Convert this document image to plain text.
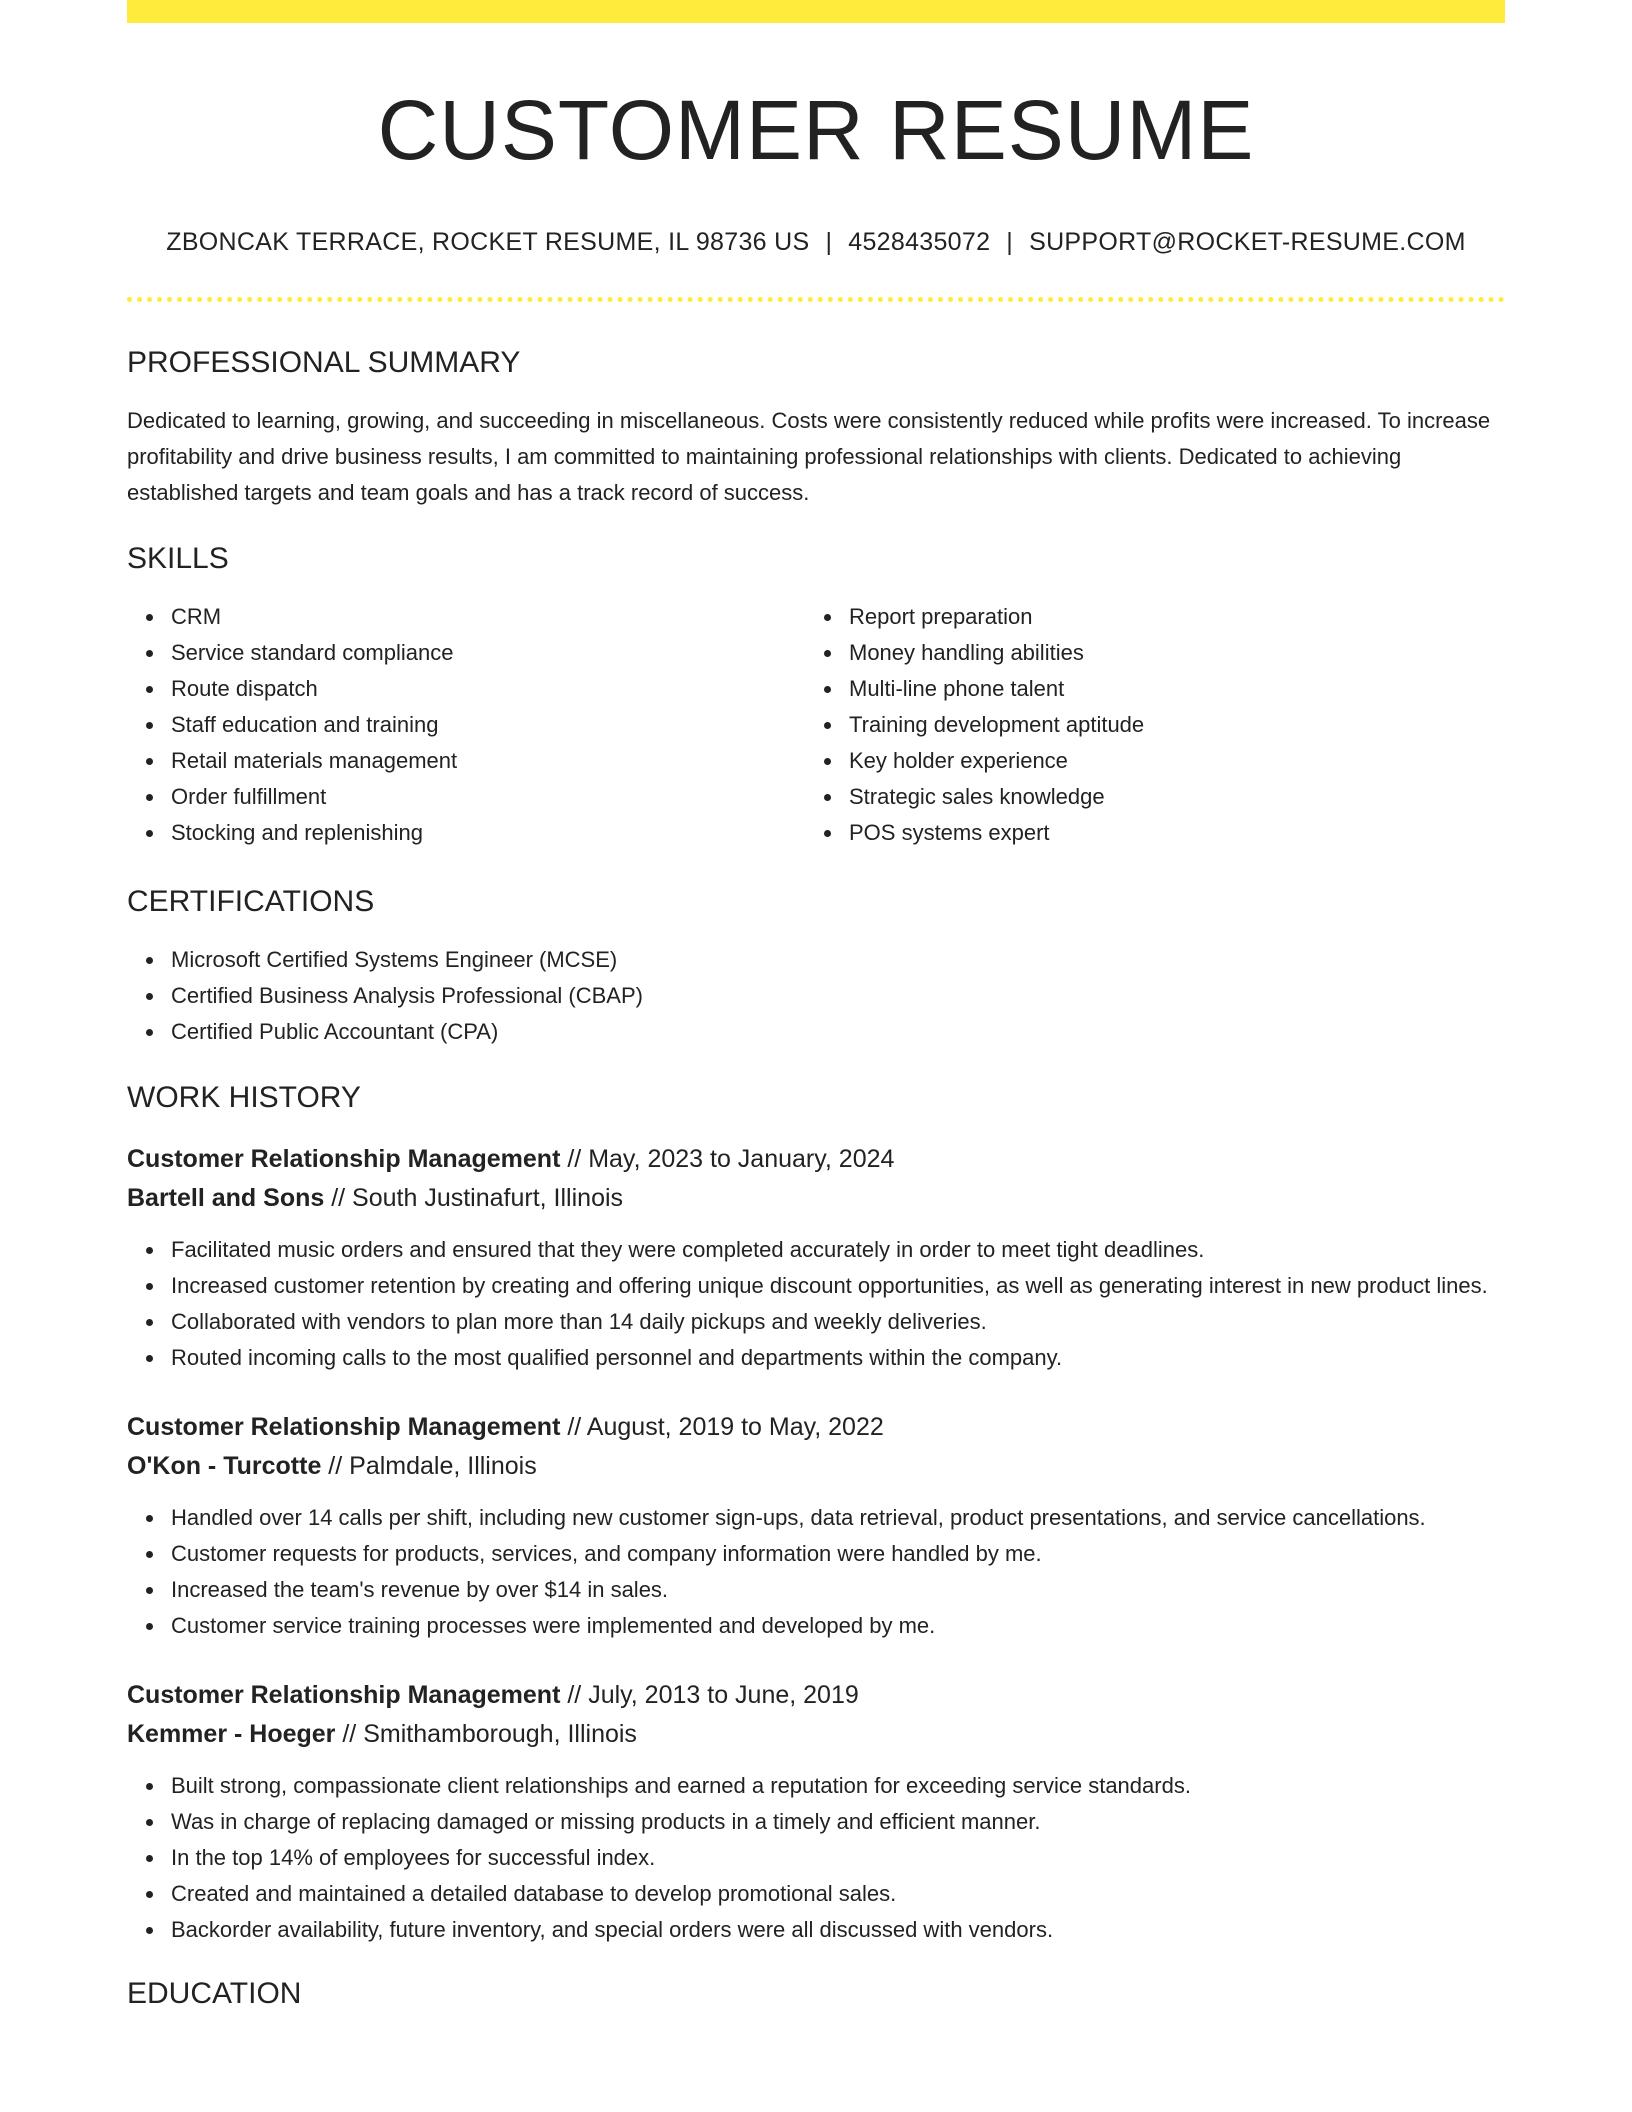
CUSTOMER RESUME
ZBONCAK TERRACE, ROCKET RESUME, IL 98736 US | 4528435072 | SUPPORT@ROCKET-RESUME.COM
PROFESSIONAL SUMMARY

Dedicated to learning, growing, and succeeding in miscellaneous. Costs were consistently reduced while profits were increased. To increase profitability and drive business results, I am committed to maintaining professional relationships with clients. Dedicated to achieving established targets and team goals and has a track record of success.

SKILLS
CRM
Service standard compliance
Route dispatch
Staff education and training
Retail materials management
Order fulfillment
Stocking and replenishing
Report preparation
Money handling abilities
Multi-line phone talent
Training development aptitude
Key holder experience
Strategic sales knowledge
POS systems expert
CERTIFICATIONS
Microsoft Certified Systems Engineer (MCSE)
Certified Business Analysis Professional (CBAP)
Certified Public Accountant (CPA)
WORK HISTORY
Customer Relationship Management // May, 2023 to January, 2024
Bartell and Sons // South Justinafurt, Illinois
Facilitated music orders and ensured that they were completed accurately in order to meet tight deadlines.
Increased customer retention by creating and offering unique discount opportunities, as well as generating interest in new product lines.
Collaborated with vendors to plan more than 14 daily pickups and weekly deliveries.
Routed incoming calls to the most qualified personnel and departments within the company.
Customer Relationship Management // August, 2019 to May, 2022
O'Kon - Turcotte // Palmdale, Illinois
Handled over 14 calls per shift, including new customer sign-ups, data retrieval, product presentations, and service cancellations.
Customer requests for products, services, and company information were handled by me.
Increased the team's revenue by over $14 in sales.
Customer service training processes were implemented and developed by me.
Customer Relationship Management // July, 2013 to June, 2019
Kemmer - Hoeger // Smithamborough, Illinois
Built strong, compassionate client relationships and earned a reputation for exceeding service standards.
Was in charge of replacing damaged or missing products in a timely and efficient manner.
In the top 14% of employees for successful index.
Created and maintained a detailed database to develop promotional sales.
Backorder availability, future inventory, and special orders were all discussed with vendors.
EDUCATION
